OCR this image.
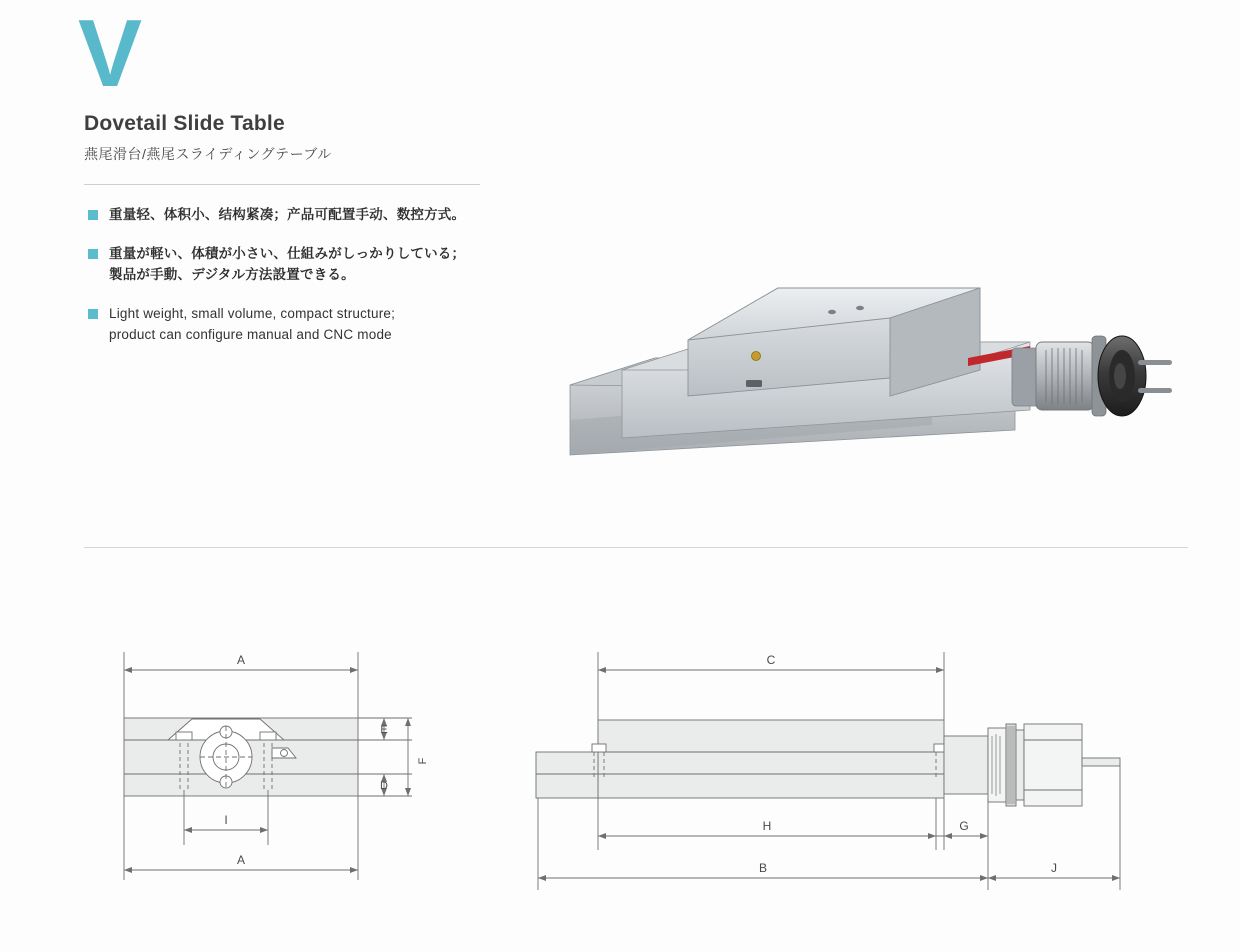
V
Dovetail Slide Table
燕尾滑台/燕尾スライディングテーブル
重量轻、体积小、结构紧凑；产品可配置手动、数控方式。
重量が軽い、体積が小さい、仕組みがしっかりしている；
製品が手動、デジタル方法設置できる。
Light weight, small volume, compact structure;
product can configure manual and CNC mode
A
E
F
D
I
A
C
H	G
B	J
